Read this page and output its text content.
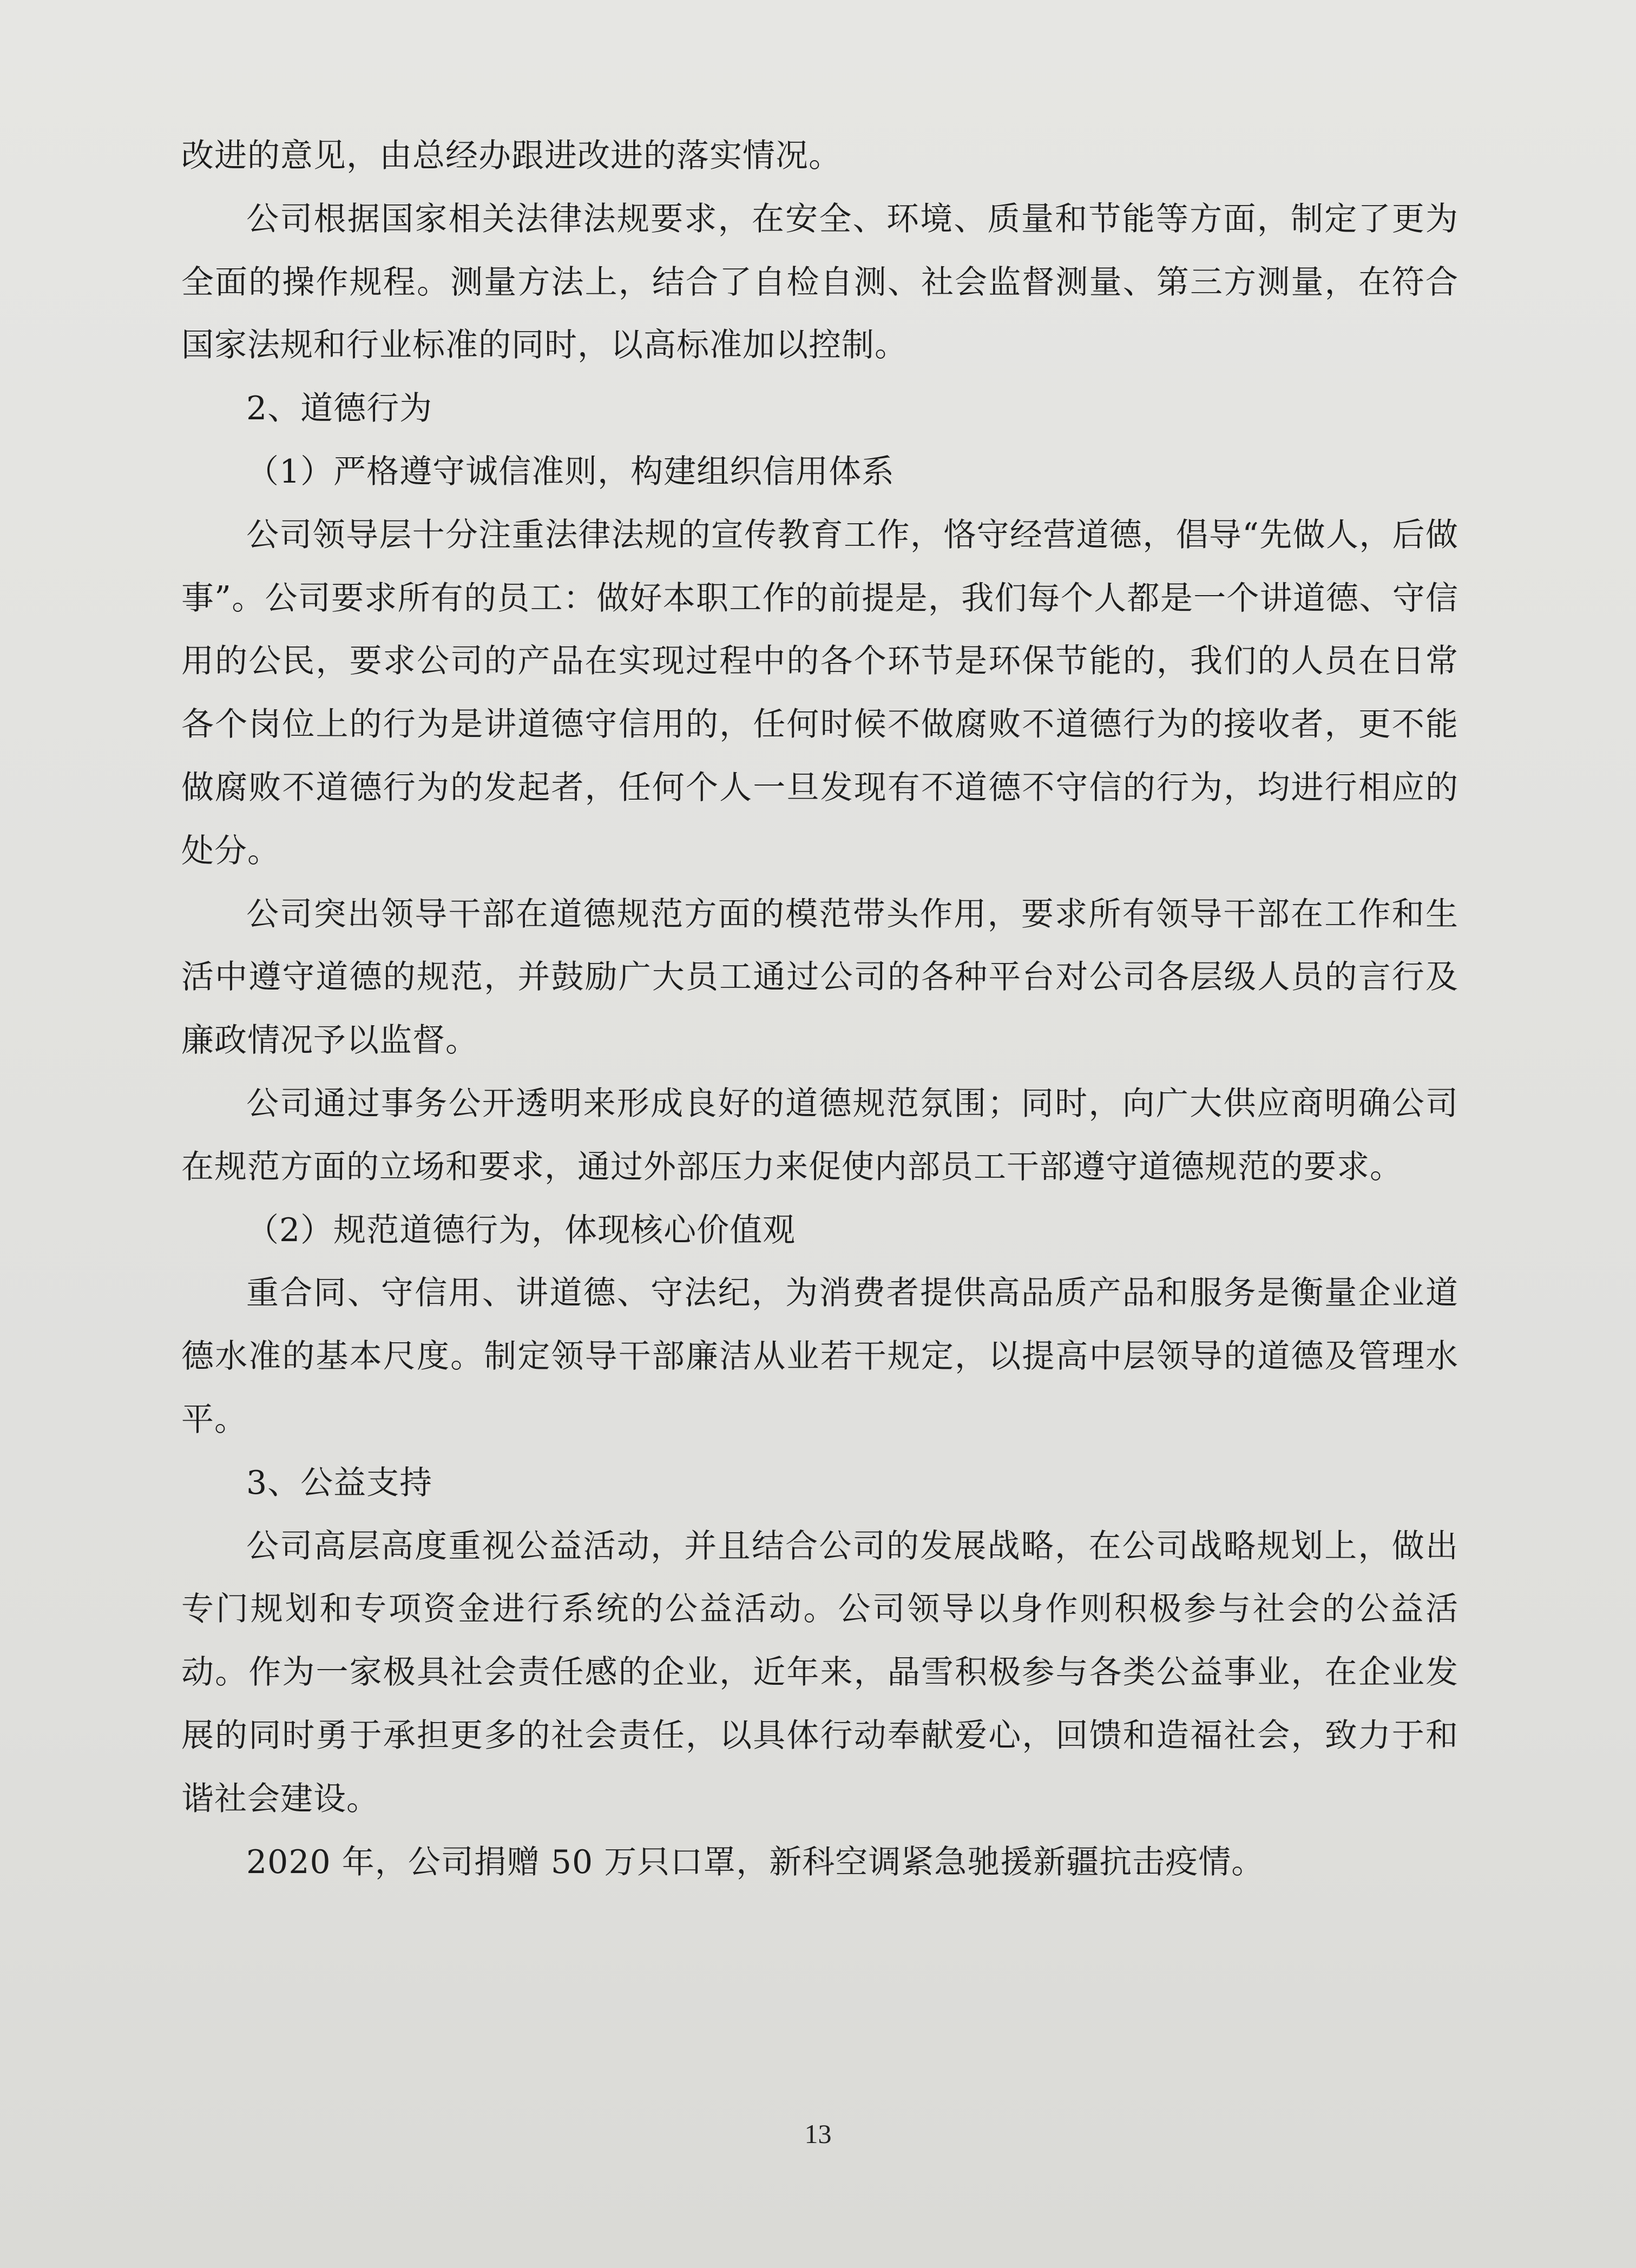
改进的意见，由总经办跟进改进的落实情况。

公司根据国家相关法律法规要求，在安全、环境、质量和节能等方面，制定了更为全面的操作规程。测量方法上，结合了自检自测、社会监督测量、第三方测量，在符合国家法规和行业标准的同时，以高标准加以控制。

2、道德行为

（1）严格遵守诚信准则，构建组织信用体系

公司领导层十分注重法律法规的宣传教育工作，恪守经营道德，倡导“先做人，后做事”。公司要求所有的员工：做好本职工作的前提是，我们每个人都是一个讲道德、守信用的公民，要求公司的产品在实现过程中的各个环节是环保节能的，我们的人员在日常各个岗位上的行为是讲道德守信用的，任何时候不做腐败不道德行为的接收者，更不能做腐败不道德行为的发起者，任何个人一旦发现有不道德不守信的行为，均进行相应的处分。

公司突出领导干部在道德规范方面的模范带头作用，要求所有领导干部在工作和生活中遵守道德的规范，并鼓励广大员工通过公司的各种平台对公司各层级人员的言行及廉政情况予以监督。

公司通过事务公开透明来形成良好的道德规范氛围；同时，向广大供应商明确公司在规范方面的立场和要求，通过外部压力来促使内部员工干部遵守道德规范的要求。

（2）规范道德行为，体现核心价值观

重合同、守信用、讲道德、守法纪，为消费者提供高品质产品和服务是衡量企业道德水准的基本尺度。制定领导干部廉洁从业若干规定，以提高中层领导的道德及管理水平。

3、公益支持

公司高层高度重视公益活动，并且结合公司的发展战略，在公司战略规划上，做出专门规划和专项资金进行系统的公益活动。公司领导以身作则积极参与社会的公益活动。作为一家极具社会责任感的企业，近年来，晶雪积极参与各类公益事业，在企业发展的同时勇于承担更多的社会责任，以具体行动奉献爱心，回馈和造福社会，致力于和谐社会建设。

2020 年，公司捐赠 50 万只口罩，新科空调紧急驰援新疆抗击疫情。

13
